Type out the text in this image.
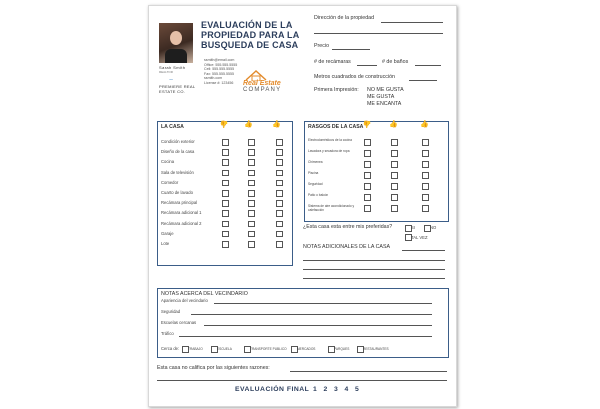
EVALUACIÓN DE LA
PROPIEDAD PARA LA
BUSQUEDA DE CASA
Sarah Smith
REALTOR
~
PREMIERE REAL
ESTATE CO.
ssmith@email.com
Office: 555.555.5555
Cell: 555.555.5555
Fax: 555.555.5555
ssmith.com
License #: 123456	Real Estate
COMPANY
Dirección de la propiedad
Precio
# de recámaras	# de baños
Metros cuadrados de construcción
Primera Impresión: NO ME GUSTA
ME GUSTA
ME ENCANTA
LA CASA	👍 👍	👍
Condición exterior
Diseño de la casa
Cocina
Sala de televisión
Comedor
Cuarto de lavado
Recámara principal
Recámara adicional 1
Recámara adicional 2
Garaje
Lote
RASGOS DE LA CASA 👍 👍	👍
Electrodomésticos de la cocina
Lavadora y secadora de ropa
Chimenea
Piscina
Seguridad
Patio o balcón
Sistema de aire acondicionado y calefacción
¿Esta casa esta entre mis preferidas?	SI	NO
TAL VEZ
NOTAS ADICIONALES DE LA CASA
NOTAS ACERCA DEL VECINDARIO
Apariencia del vecindario
Seguridad
Escuelas cercanas
Tráfico
Cerca de:	TRABAJO	ESCUELA	TRANSPORTE PUBLICO	MERCADOS	PARQUES	RESTAURANTES
Esta casa no califica por las siguientes razones:
EVALUACIÓN FINAL 1 2 3 4 5
